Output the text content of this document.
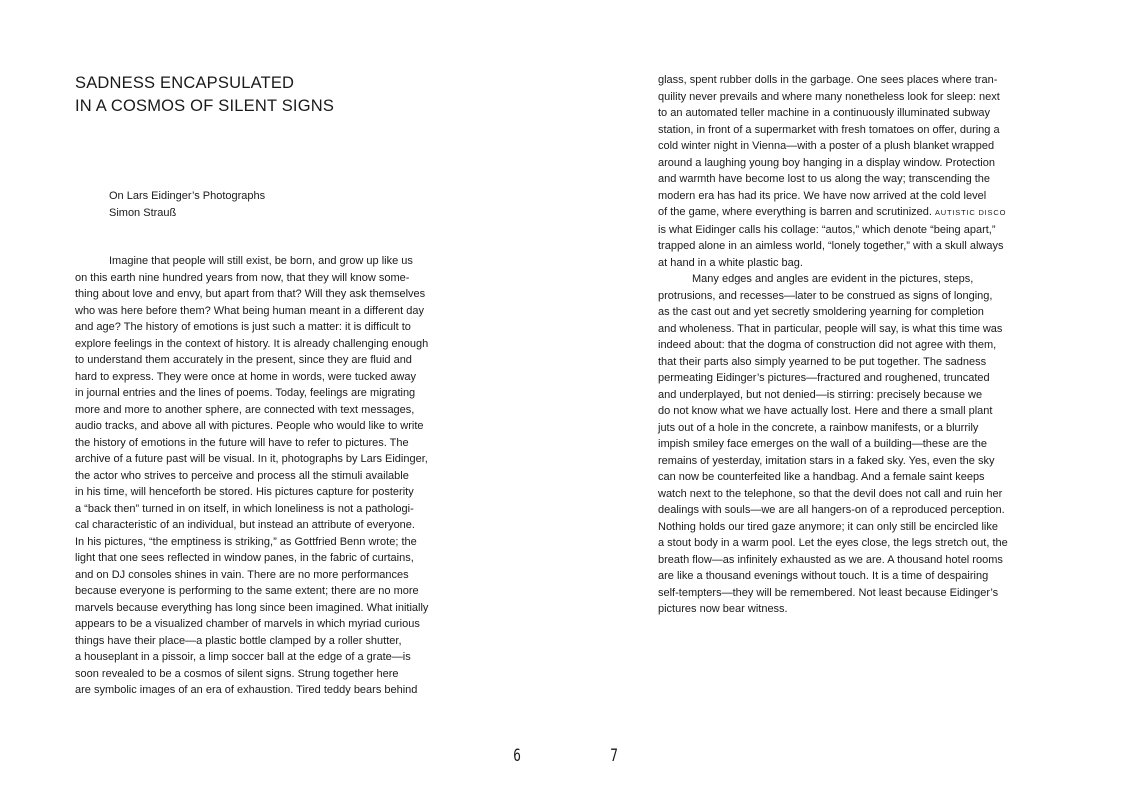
SADNESS ENCAPSULATED
IN A COSMOS OF SILENT SIGNS
On Lars Eidinger’s Photographs
Simon Strauß
Imagine that people will still exist, be born, and grow up like us
on this earth nine hundred years from now, that they will know some-
thing about love and envy, but apart from that? Will they ask themselves
who was here before them? What being human meant in a different day
and age? The history of emotions is just such a matter: it is difficult to
explore feelings in the context of history. It is already challenging enough
to understand them accurately in the present, since they are fluid and
hard to express. They were once at home in words, were tucked away
in journal entries and the lines of poems. Today, feelings are migrating
more and more to another sphere, are connected with text messages,
audio tracks, and above all with pictures. People who would like to write
the history of emotions in the future will have to refer to pictures. The
archive of a future past will be visual. In it, photographs by Lars Eidinger,
the actor who strives to perceive and process all the stimuli available
in his time, will henceforth be stored. His pictures capture for posterity
a “back then” turned in on itself, in which loneliness is not a pathologi-
cal characteristic of an individual, but instead an attribute of everyone.
In his pictures, “the emptiness is striking,” as Gottfried Benn wrote; the
light that one sees reflected in window panes, in the fabric of curtains,
and on DJ consoles shines in vain. There are no more performances
because everyone is performing to the same extent; there are no more
marvels because everything has long since been imagined. What initially
appears to be a visualized chamber of marvels in which myriad curious
things have their place—a plastic bottle clamped by a roller shutter,
a houseplant in a pissoir, a limp soccer ball at the edge of a grate—is
soon revealed to be a cosmos of silent signs. Strung together here
are symbolic images of an era of exhaustion. Tired teddy bears behind
glass, spent rubber dolls in the garbage. One sees places where tran-
quility never prevails and where many nonetheless look for sleep: next
to an automated teller machine in a continuously illuminated subway
station, in front of a supermarket with fresh tomatoes on offer, during a
cold winter night in Vienna—with a poster of a plush blanket wrapped
around a laughing young boy hanging in a display window. Protection
and warmth have become lost to us along the way; transcending the
modern era has had its price. We have now arrived at the cold level
of the game, where everything is barren and scrutinized. AUTISTIC DISCO
is what Eidinger calls his collage: “autos,” which denote “being apart,”
trapped alone in an aimless world, “lonely together,” with a skull always
at hand in a white plastic bag.
Many edges and angles are evident in the pictures, steps,
protrusions, and recesses—later to be construed as signs of longing,
as the cast out and yet secretly smoldering yearning for completion
and wholeness. That in particular, people will say, is what this time was
indeed about: that the dogma of construction did not agree with them,
that their parts also simply yearned to be put together. The sadness
permeating Eidinger’s pictures—fractured and roughened, truncated
and underplayed, but not denied—is stirring: precisely because we
do not know what we have actually lost. Here and there a small plant
juts out of a hole in the concrete, a rainbow manifests, or a blurrily
impish smiley face emerges on the wall of a building—these are the
remains of yesterday, imitation stars in a faked sky. Yes, even the sky
can now be counterfeited like a handbag. And a female saint keeps
watch next to the telephone, so that the devil does not call and ruin her
dealings with souls—we are all hangers-on of a reproduced perception.
Nothing holds our tired gaze anymore; it can only still be encircled like
a stout body in a warm pool. Let the eyes close, the legs stretch out, the
breath flow—as infinitely exhausted as we are. A thousand hotel rooms
are like a thousand evenings without touch. It is a time of despairing
self-tempters—they will be remembered. Not least because Eidinger’s
pictures now bear witness.
6	7
